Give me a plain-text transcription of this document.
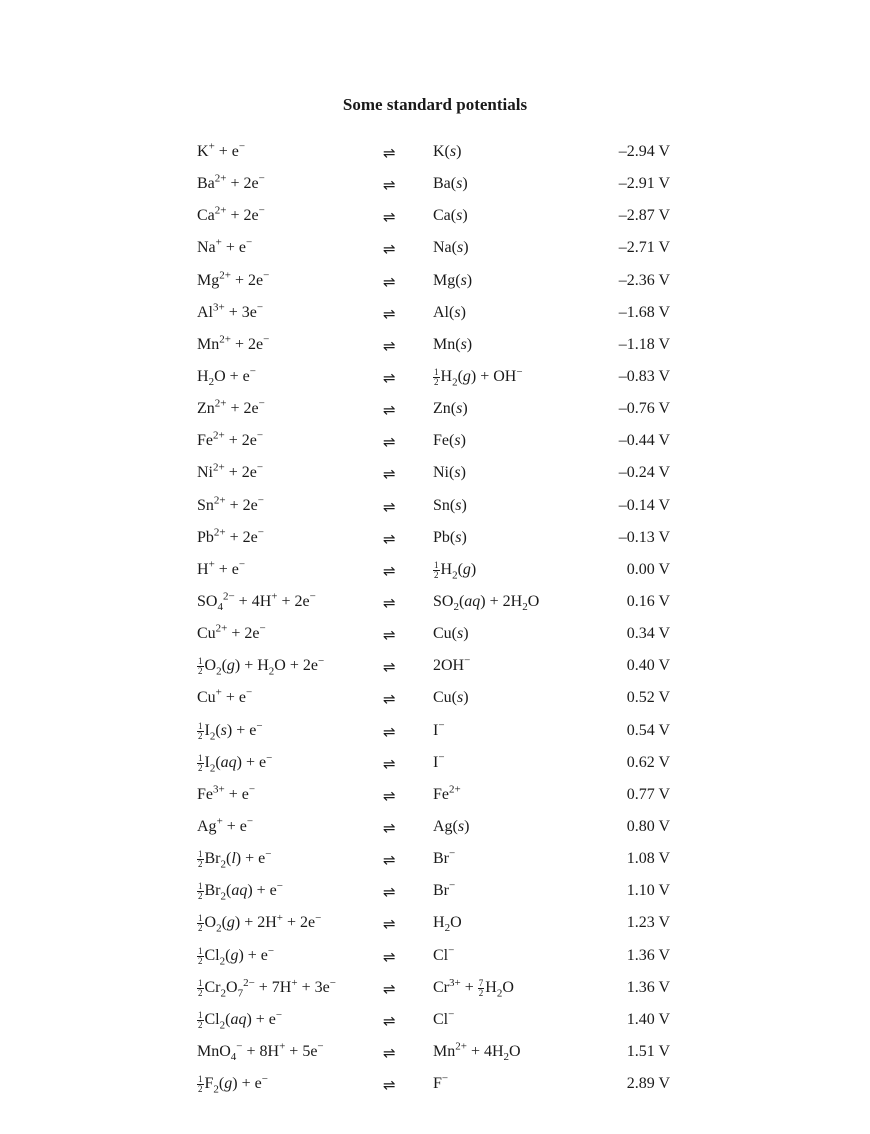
Some standard potentials
K+ + e−	⇌ K(s)	–2.94 V
$Ba^{2+} + 2e^-$	⇌ Ba(s)	–2.91 V
$Ca^{2+} + 2e^-$	⇌ Ca(s)	–2.87 V
Na+ + e−	⇌ Na(s)	–2.71 V
$Mg^{2+} + 2e^-$	⇌ Mg(s)	–2.36 V
$Al^{3+} + 3e^-$	⇌ Al(s)	–1.68 V
$Mn^{2+} + 2e^-$	⇌ Mn(s)	–1.18 V
$H_2O + e^-$	⇌	$\frac{1}{2} H_2(g) + OH^-$	–0.83 V
$Zn^{2+} + 2e^-$	⇌ Zn(s)	–0.76 V
$Fe^{2+} + 2e^-$	⇌ Fe(s)	–0.44 V
$Ni^{2+} + 2e^-$	⇌ Ni(s)	–0.24 V
$Sn^{2+} + 2e^-$	⇌ Sn(s)	–0.14 V
$Pb^{2+} + 2e^-$	⇌ Pb(s)	–0.13 V
H+ + e−	⇌	$\frac{1}{2} H_2(g)$	0.00 V
$SO_4^{2-} + 4H^+ + 2e^-$	⇌ $SO_2(aq) + 2H_2O$	0.16 V
$Cu^{2+} + 2e^-$	⇌ Cu(s)	0.34 V
$\frac{1}{2} O_2(g) + H_2O + 2e^-$	⇌ 2OH−	0.40 V
Cu+ + e−	⇌ Cu(s)	0.52 V
$\frac{1}{2} I_2(s) + e^-$	⇌ I−	0.54 V
$\frac{1}{2} I_2(aq) + e^-$	⇌ I−	0.62 V
$Fe^{3+} + e^-$	⇌ $Fe^{2+}$	0.77 V
Ag+ + e−	⇌ Ag(s)	0.80 V
$\frac{1}{2} Br_2(l) + e^-$	⇌ Br−	1.08 V
$\frac{1}{2} Br_2(aq) + e^-$	⇌ Br−	1.10 V
$\frac{1}{2} O_2(g) + 2H^+ + 2e^-$	⇌ $H_2O$	1.23 V
$\frac{1}{2} Cl_2(g) + e^-$	⇌ Cl−	1.36 V
$\frac{1}{2} Cr_2O_7^{2-} + 7H^+ + 3e^-$	⇌ $Cr^{3+} + \frac{7}{2} H_2O$	1.36 V
$\frac{1}{2} Cl_2(aq) + e^-$	⇌ Cl−	1.40 V
MnO$_4$− + 8H+ + 5e−	⇌ $Mn^{2+} + 4H_2O$	1.51 V
$\frac{1}{2} F_2(g) + e^-$	⇌ F−	2.89 V
